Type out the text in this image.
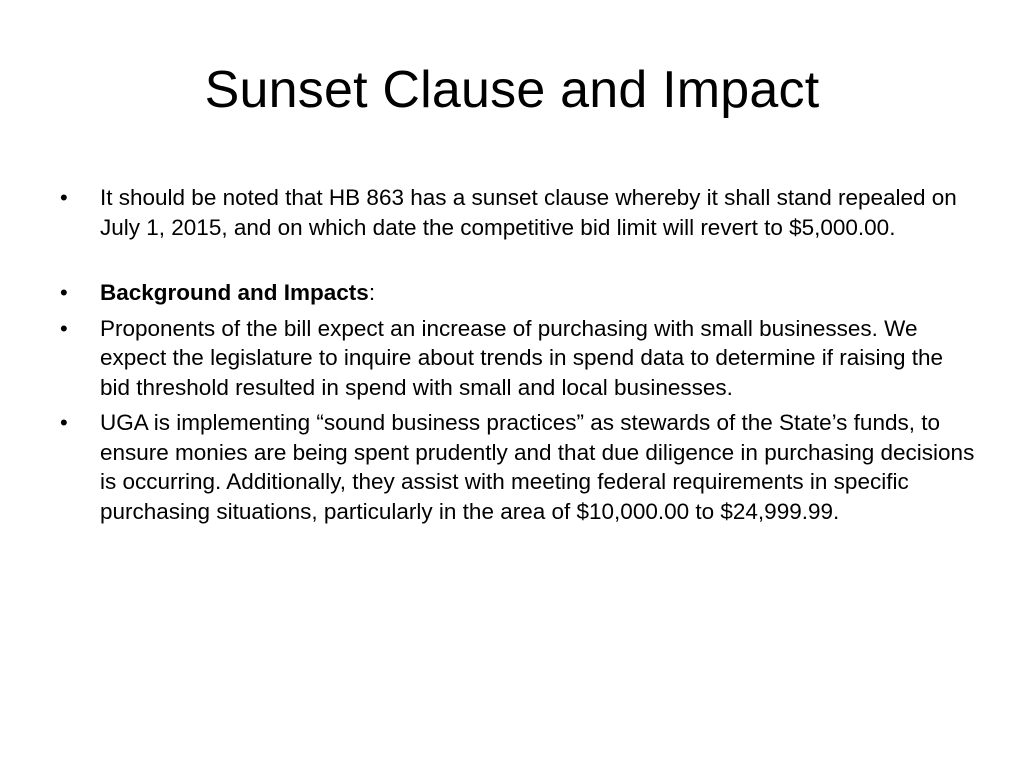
Sunset Clause and Impact
•	It should be noted that HB 863 has a sunset clause whereby it shall stand repealed on July 1, 2015, and on which date the competitive bid limit will revert to $5,000.00.
•	Background and Impacts:
•	Proponents of the bill expect an increase of purchasing with small businesses. We expect the legislature to inquire about trends in spend data to determine if raising the bid threshold resulted in spend with small and local businesses.
•	UGA is implementing “sound business practices” as stewards of the State’s funds, to ensure monies are being spent prudently and that due diligence in purchasing decisions is occurring. Additionally, they assist with meeting federal requirements in specific purchasing situations, particularly in the area of $10,000.00 to $24,999.99.
